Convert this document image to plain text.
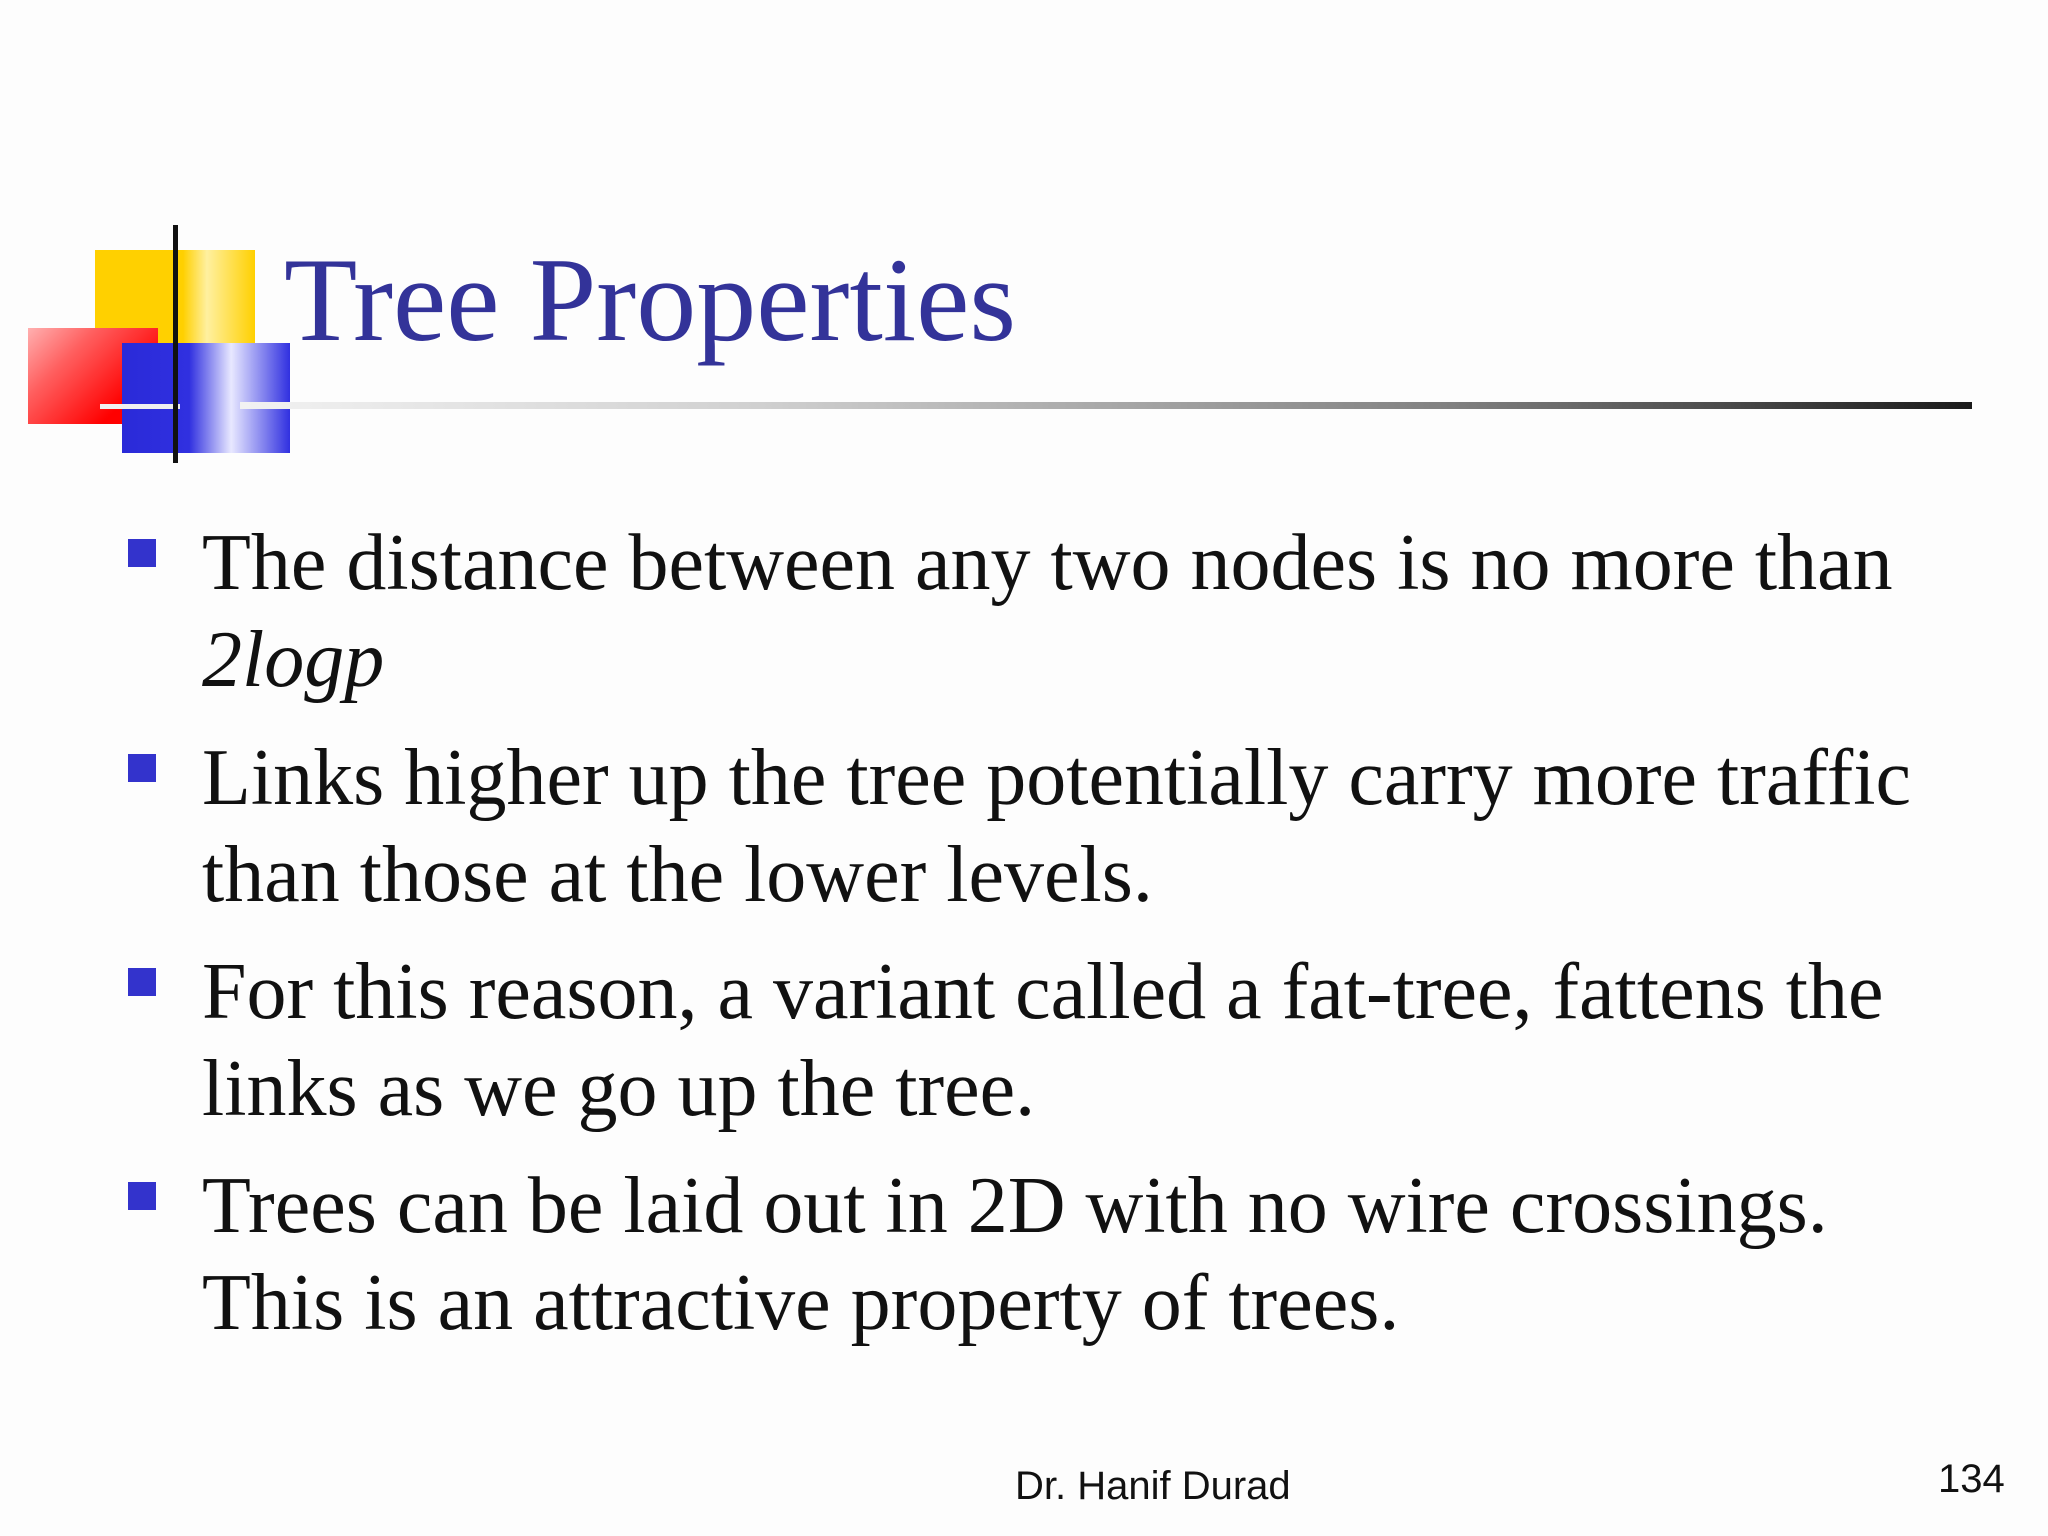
Tree Properties
The distance between any two nodes is no more than
2logp
Links higher up the tree potentially carry more traffic
than those at the lower levels.
For this reason, a variant called a fat-tree, fattens the
links as we go up the tree.
Trees can be laid out in 2D with no wire crossings.
This is an attractive property of trees.
Dr. Hanif Durad	134
